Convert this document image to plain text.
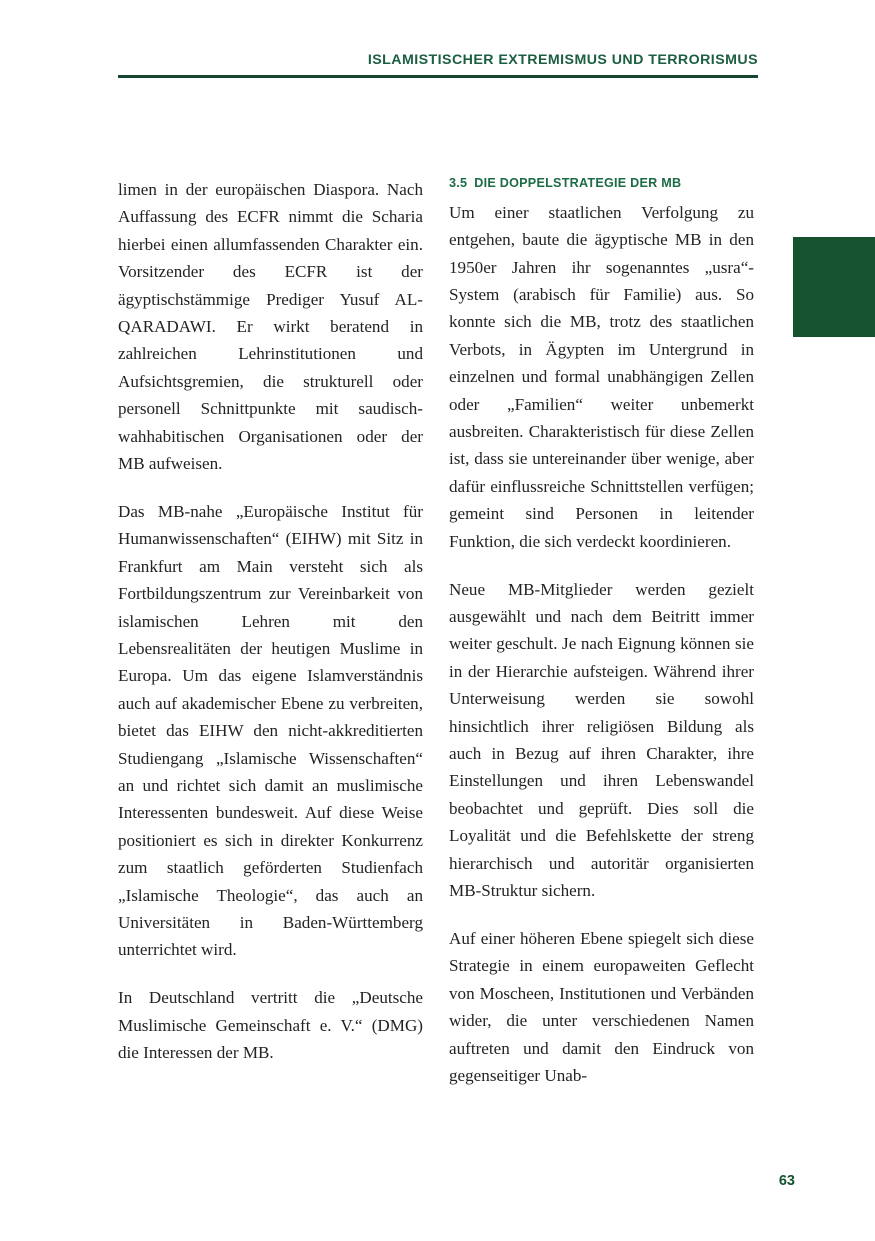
ISLAMISTISCHER EXTREMISMUS UND TERRORISMUS

limen in der europäischen Diaspora. Nach Auffassung des ECFR nimmt die Scharia hierbei einen allumfassenden Charakter ein. Vorsitzender des ECFR ist der ägyptischstämmige Prediger Yusuf AL-QARADAWI. Er wirkt beratend in zahlreichen Lehrinstitutionen und Aufsichtsgremien, die strukturell oder personell Schnittpunkte mit saudisch-wahhabitischen Organisationen oder der MB aufweisen.

Das MB-nahe „Europäische Institut für Humanwissenschaften“ (EIHW) mit Sitz in Frankfurt am Main versteht sich als Fortbildungszentrum zur Vereinbarkeit von islamischen Lehren mit den Lebensrealitäten der heutigen Muslime in Europa. Um das eigene Islamverständnis auch auf akademischer Ebene zu verbreiten, bietet das EIHW den nicht-akkreditierten Studiengang „Islamische Wissenschaften“ an und richtet sich damit an muslimische Interessenten bundesweit. Auf diese Weise positioniert es sich in direkter Konkurrenz zum staatlich geförderten Studienfach „Islamische Theologie“, das auch an Universitäten in Baden-Württemberg unterrichtet wird.

In Deutschland vertritt die „Deutsche Muslimische Gemeinschaft e. V.“ (DMG) die Interessen der MB.

3.5 DIE DOPPELSTRATEGIE DER MB

Um einer staatlichen Verfolgung zu entgehen, baute die ägyptische MB in den 1950er Jahren ihr sogenanntes „usra“-System (arabisch für Familie) aus. So konnte sich die MB, trotz des staatlichen Verbots, in Ägypten im Untergrund in einzelnen und formal unabhängigen Zellen oder „Familien“ weiter unbemerkt ausbreiten. Charakteristisch für diese Zellen ist, dass sie untereinander über wenige, aber dafür einflussreiche Schnittstellen verfügen; gemeint sind Personen in leitender Funktion, die sich verdeckt koordinieren.

Neue MB-Mitglieder werden gezielt ausgewählt und nach dem Beitritt immer weiter geschult. Je nach Eignung können sie in der Hierarchie aufsteigen. Während ihrer Unterweisung werden sie sowohl hinsichtlich ihrer religiösen Bildung als auch in Bezug auf ihren Charakter, ihre Einstellungen und ihren Lebenswandel beobachtet und geprüft. Dies soll die Loyalität und die Befehlskette der streng hierarchisch und autoritär organisierten MB-Struktur sichern.

Auf einer höheren Ebene spiegelt sich diese Strategie in einem europaweiten Geflecht von Moscheen, Institutionen und Verbänden wider, die unter verschiedenen Namen auftreten und damit den Eindruck von gegenseitiger Unab-

63
